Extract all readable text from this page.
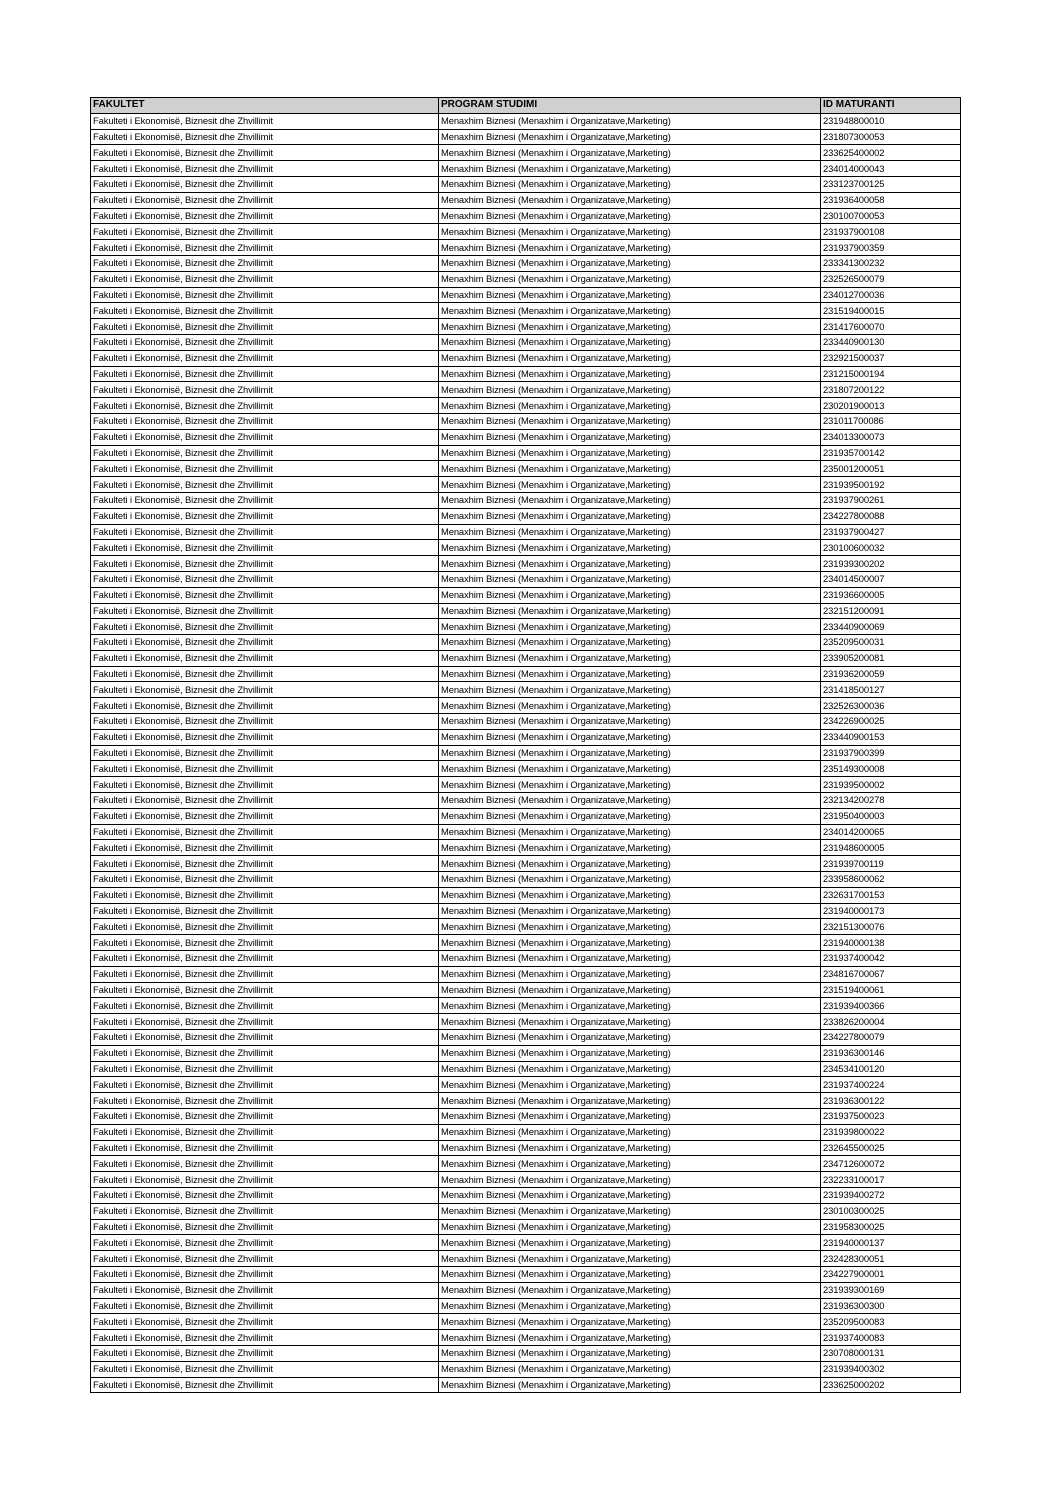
FAKULTET	PROGRAM STUDIMI	ID MATURANTI
Fakulteti i Ekonomisë, Biznesit dhe Zhvillimit	Menaxhim Biznesi (Menaxhim i Organizatave,Marketing)	231948800010
Fakulteti i Ekonomisë, Biznesit dhe Zhvillimit	Menaxhim Biznesi (Menaxhim i Organizatave,Marketing)	231807300053
Fakulteti i Ekonomisë, Biznesit dhe Zhvillimit	Menaxhim Biznesi (Menaxhim i Organizatave,Marketing)	233625400002
Fakulteti i Ekonomisë, Biznesit dhe Zhvillimit	Menaxhim Biznesi (Menaxhim i Organizatave,Marketing)	234014000043
Fakulteti i Ekonomisë, Biznesit dhe Zhvillimit	Menaxhim Biznesi (Menaxhim i Organizatave,Marketing)	233123700125
Fakulteti i Ekonomisë, Biznesit dhe Zhvillimit	Menaxhim Biznesi (Menaxhim i Organizatave,Marketing)	231936400058
Fakulteti i Ekonomisë, Biznesit dhe Zhvillimit	Menaxhim Biznesi (Menaxhim i Organizatave,Marketing)	230100700053
Fakulteti i Ekonomisë, Biznesit dhe Zhvillimit	Menaxhim Biznesi (Menaxhim i Organizatave,Marketing)	231937900108
Fakulteti i Ekonomisë, Biznesit dhe Zhvillimit	Menaxhim Biznesi (Menaxhim i Organizatave,Marketing)	231937900359
Fakulteti i Ekonomisë, Biznesit dhe Zhvillimit	Menaxhim Biznesi (Menaxhim i Organizatave,Marketing)	233341300232
Fakulteti i Ekonomisë, Biznesit dhe Zhvillimit	Menaxhim Biznesi (Menaxhim i Organizatave,Marketing)	232526500079
Fakulteti i Ekonomisë, Biznesit dhe Zhvillimit	Menaxhim Biznesi (Menaxhim i Organizatave,Marketing)	234012700036
Fakulteti i Ekonomisë, Biznesit dhe Zhvillimit	Menaxhim Biznesi (Menaxhim i Organizatave,Marketing)	231519400015
Fakulteti i Ekonomisë, Biznesit dhe Zhvillimit	Menaxhim Biznesi (Menaxhim i Organizatave,Marketing)	231417600070
Fakulteti i Ekonomisë, Biznesit dhe Zhvillimit	Menaxhim Biznesi (Menaxhim i Organizatave,Marketing)	233440900130
Fakulteti i Ekonomisë, Biznesit dhe Zhvillimit	Menaxhim Biznesi (Menaxhim i Organizatave,Marketing)	232921500037
Fakulteti i Ekonomisë, Biznesit dhe Zhvillimit	Menaxhim Biznesi (Menaxhim i Organizatave,Marketing)	231215000194
Fakulteti i Ekonomisë, Biznesit dhe Zhvillimit	Menaxhim Biznesi (Menaxhim i Organizatave,Marketing)	231807200122
Fakulteti i Ekonomisë, Biznesit dhe Zhvillimit	Menaxhim Biznesi (Menaxhim i Organizatave,Marketing)	230201900013
Fakulteti i Ekonomisë, Biznesit dhe Zhvillimit	Menaxhim Biznesi (Menaxhim i Organizatave,Marketing)	231011700086
Fakulteti i Ekonomisë, Biznesit dhe Zhvillimit	Menaxhim Biznesi (Menaxhim i Organizatave,Marketing)	234013300073
Fakulteti i Ekonomisë, Biznesit dhe Zhvillimit	Menaxhim Biznesi (Menaxhim i Organizatave,Marketing)	231935700142
Fakulteti i Ekonomisë, Biznesit dhe Zhvillimit	Menaxhim Biznesi (Menaxhim i Organizatave,Marketing)	235001200051
Fakulteti i Ekonomisë, Biznesit dhe Zhvillimit	Menaxhim Biznesi (Menaxhim i Organizatave,Marketing)	231939500192
Fakulteti i Ekonomisë, Biznesit dhe Zhvillimit	Menaxhim Biznesi (Menaxhim i Organizatave,Marketing)	231937900261
Fakulteti i Ekonomisë, Biznesit dhe Zhvillimit	Menaxhim Biznesi (Menaxhim i Organizatave,Marketing)	234227800088
Fakulteti i Ekonomisë, Biznesit dhe Zhvillimit	Menaxhim Biznesi (Menaxhim i Organizatave,Marketing)	231937900427
Fakulteti i Ekonomisë, Biznesit dhe Zhvillimit	Menaxhim Biznesi (Menaxhim i Organizatave,Marketing)	230100600032
Fakulteti i Ekonomisë, Biznesit dhe Zhvillimit	Menaxhim Biznesi (Menaxhim i Organizatave,Marketing)	231939300202
Fakulteti i Ekonomisë, Biznesit dhe Zhvillimit	Menaxhim Biznesi (Menaxhim i Organizatave,Marketing)	234014500007
Fakulteti i Ekonomisë, Biznesit dhe Zhvillimit	Menaxhim Biznesi (Menaxhim i Organizatave,Marketing)	231936600005
Fakulteti i Ekonomisë, Biznesit dhe Zhvillimit	Menaxhim Biznesi (Menaxhim i Organizatave,Marketing)	232151200091
Fakulteti i Ekonomisë, Biznesit dhe Zhvillimit	Menaxhim Biznesi (Menaxhim i Organizatave,Marketing)	233440900069
Fakulteti i Ekonomisë, Biznesit dhe Zhvillimit	Menaxhim Biznesi (Menaxhim i Organizatave,Marketing)	235209500031
Fakulteti i Ekonomisë, Biznesit dhe Zhvillimit	Menaxhim Biznesi (Menaxhim i Organizatave,Marketing)	233905200081
Fakulteti i Ekonomisë, Biznesit dhe Zhvillimit	Menaxhim Biznesi (Menaxhim i Organizatave,Marketing)	231936200059
Fakulteti i Ekonomisë, Biznesit dhe Zhvillimit	Menaxhim Biznesi (Menaxhim i Organizatave,Marketing)	231418500127
Fakulteti i Ekonomisë, Biznesit dhe Zhvillimit	Menaxhim Biznesi (Menaxhim i Organizatave,Marketing)	232526300036
Fakulteti i Ekonomisë, Biznesit dhe Zhvillimit	Menaxhim Biznesi (Menaxhim i Organizatave,Marketing)	234226900025
Fakulteti i Ekonomisë, Biznesit dhe Zhvillimit	Menaxhim Biznesi (Menaxhim i Organizatave,Marketing)	233440900153
Fakulteti i Ekonomisë, Biznesit dhe Zhvillimit	Menaxhim Biznesi (Menaxhim i Organizatave,Marketing)	231937900399
Fakulteti i Ekonomisë, Biznesit dhe Zhvillimit	Menaxhim Biznesi (Menaxhim i Organizatave,Marketing)	235149300008
Fakulteti i Ekonomisë, Biznesit dhe Zhvillimit	Menaxhim Biznesi (Menaxhim i Organizatave,Marketing)	231939500002
Fakulteti i Ekonomisë, Biznesit dhe Zhvillimit	Menaxhim Biznesi (Menaxhim i Organizatave,Marketing)	232134200278
Fakulteti i Ekonomisë, Biznesit dhe Zhvillimit	Menaxhim Biznesi (Menaxhim i Organizatave,Marketing)	231950400003
Fakulteti i Ekonomisë, Biznesit dhe Zhvillimit	Menaxhim Biznesi (Menaxhim i Organizatave,Marketing)	234014200065
Fakulteti i Ekonomisë, Biznesit dhe Zhvillimit	Menaxhim Biznesi (Menaxhim i Organizatave,Marketing)	231948600005
Fakulteti i Ekonomisë, Biznesit dhe Zhvillimit	Menaxhim Biznesi (Menaxhim i Organizatave,Marketing)	231939700119
Fakulteti i Ekonomisë, Biznesit dhe Zhvillimit	Menaxhim Biznesi (Menaxhim i Organizatave,Marketing)	233958600062
Fakulteti i Ekonomisë, Biznesit dhe Zhvillimit	Menaxhim Biznesi (Menaxhim i Organizatave,Marketing)	232631700153
Fakulteti i Ekonomisë, Biznesit dhe Zhvillimit	Menaxhim Biznesi (Menaxhim i Organizatave,Marketing)	231940000173
Fakulteti i Ekonomisë, Biznesit dhe Zhvillimit	Menaxhim Biznesi (Menaxhim i Organizatave,Marketing)	232151300076
Fakulteti i Ekonomisë, Biznesit dhe Zhvillimit	Menaxhim Biznesi (Menaxhim i Organizatave,Marketing)	231940000138
Fakulteti i Ekonomisë, Biznesit dhe Zhvillimit	Menaxhim Biznesi (Menaxhim i Organizatave,Marketing)	231937400042
Fakulteti i Ekonomisë, Biznesit dhe Zhvillimit	Menaxhim Biznesi (Menaxhim i Organizatave,Marketing)	234816700067
Fakulteti i Ekonomisë, Biznesit dhe Zhvillimit	Menaxhim Biznesi (Menaxhim i Organizatave,Marketing)	231519400061
Fakulteti i Ekonomisë, Biznesit dhe Zhvillimit	Menaxhim Biznesi (Menaxhim i Organizatave,Marketing)	231939400366
Fakulteti i Ekonomisë, Biznesit dhe Zhvillimit	Menaxhim Biznesi (Menaxhim i Organizatave,Marketing)	233826200004
Fakulteti i Ekonomisë, Biznesit dhe Zhvillimit	Menaxhim Biznesi (Menaxhim i Organizatave,Marketing)	234227800079
Fakulteti i Ekonomisë, Biznesit dhe Zhvillimit	Menaxhim Biznesi (Menaxhim i Organizatave,Marketing)	231936300146
Fakulteti i Ekonomisë, Biznesit dhe Zhvillimit	Menaxhim Biznesi (Menaxhim i Organizatave,Marketing)	234534100120
Fakulteti i Ekonomisë, Biznesit dhe Zhvillimit	Menaxhim Biznesi (Menaxhim i Organizatave,Marketing)	231937400224
Fakulteti i Ekonomisë, Biznesit dhe Zhvillimit	Menaxhim Biznesi (Menaxhim i Organizatave,Marketing)	231936300122
Fakulteti i Ekonomisë, Biznesit dhe Zhvillimit	Menaxhim Biznesi (Menaxhim i Organizatave,Marketing)	231937500023
Fakulteti i Ekonomisë, Biznesit dhe Zhvillimit	Menaxhim Biznesi (Menaxhim i Organizatave,Marketing)	231939800022
Fakulteti i Ekonomisë, Biznesit dhe Zhvillimit	Menaxhim Biznesi (Menaxhim i Organizatave,Marketing)	232645500025
Fakulteti i Ekonomisë, Biznesit dhe Zhvillimit	Menaxhim Biznesi (Menaxhim i Organizatave,Marketing)	234712600072
Fakulteti i Ekonomisë, Biznesit dhe Zhvillimit	Menaxhim Biznesi (Menaxhim i Organizatave,Marketing)	232233100017
Fakulteti i Ekonomisë, Biznesit dhe Zhvillimit	Menaxhim Biznesi (Menaxhim i Organizatave,Marketing)	231939400272
Fakulteti i Ekonomisë, Biznesit dhe Zhvillimit	Menaxhim Biznesi (Menaxhim i Organizatave,Marketing)	230100300025
Fakulteti i Ekonomisë, Biznesit dhe Zhvillimit	Menaxhim Biznesi (Menaxhim i Organizatave,Marketing)	231958300025
Fakulteti i Ekonomisë, Biznesit dhe Zhvillimit	Menaxhim Biznesi (Menaxhim i Organizatave,Marketing)	231940000137
Fakulteti i Ekonomisë, Biznesit dhe Zhvillimit	Menaxhim Biznesi (Menaxhim i Organizatave,Marketing)	232428300051
Fakulteti i Ekonomisë, Biznesit dhe Zhvillimit	Menaxhim Biznesi (Menaxhim i Organizatave,Marketing)	234227900001
Fakulteti i Ekonomisë, Biznesit dhe Zhvillimit	Menaxhim Biznesi (Menaxhim i Organizatave,Marketing)	231939300169
Fakulteti i Ekonomisë, Biznesit dhe Zhvillimit	Menaxhim Biznesi (Menaxhim i Organizatave,Marketing)	231936300300
Fakulteti i Ekonomisë, Biznesit dhe Zhvillimit	Menaxhim Biznesi (Menaxhim i Organizatave,Marketing)	235209500083
Fakulteti i Ekonomisë, Biznesit dhe Zhvillimit	Menaxhim Biznesi (Menaxhim i Organizatave,Marketing)	231937400083
Fakulteti i Ekonomisë, Biznesit dhe Zhvillimit	Menaxhim Biznesi (Menaxhim i Organizatave,Marketing)	230708000131
Fakulteti i Ekonomisë, Biznesit dhe Zhvillimit	Menaxhim Biznesi (Menaxhim i Organizatave,Marketing)	231939400302
Fakulteti i Ekonomisë, Biznesit dhe Zhvillimit	Menaxhim Biznesi (Menaxhim i Organizatave,Marketing)	233625000202
